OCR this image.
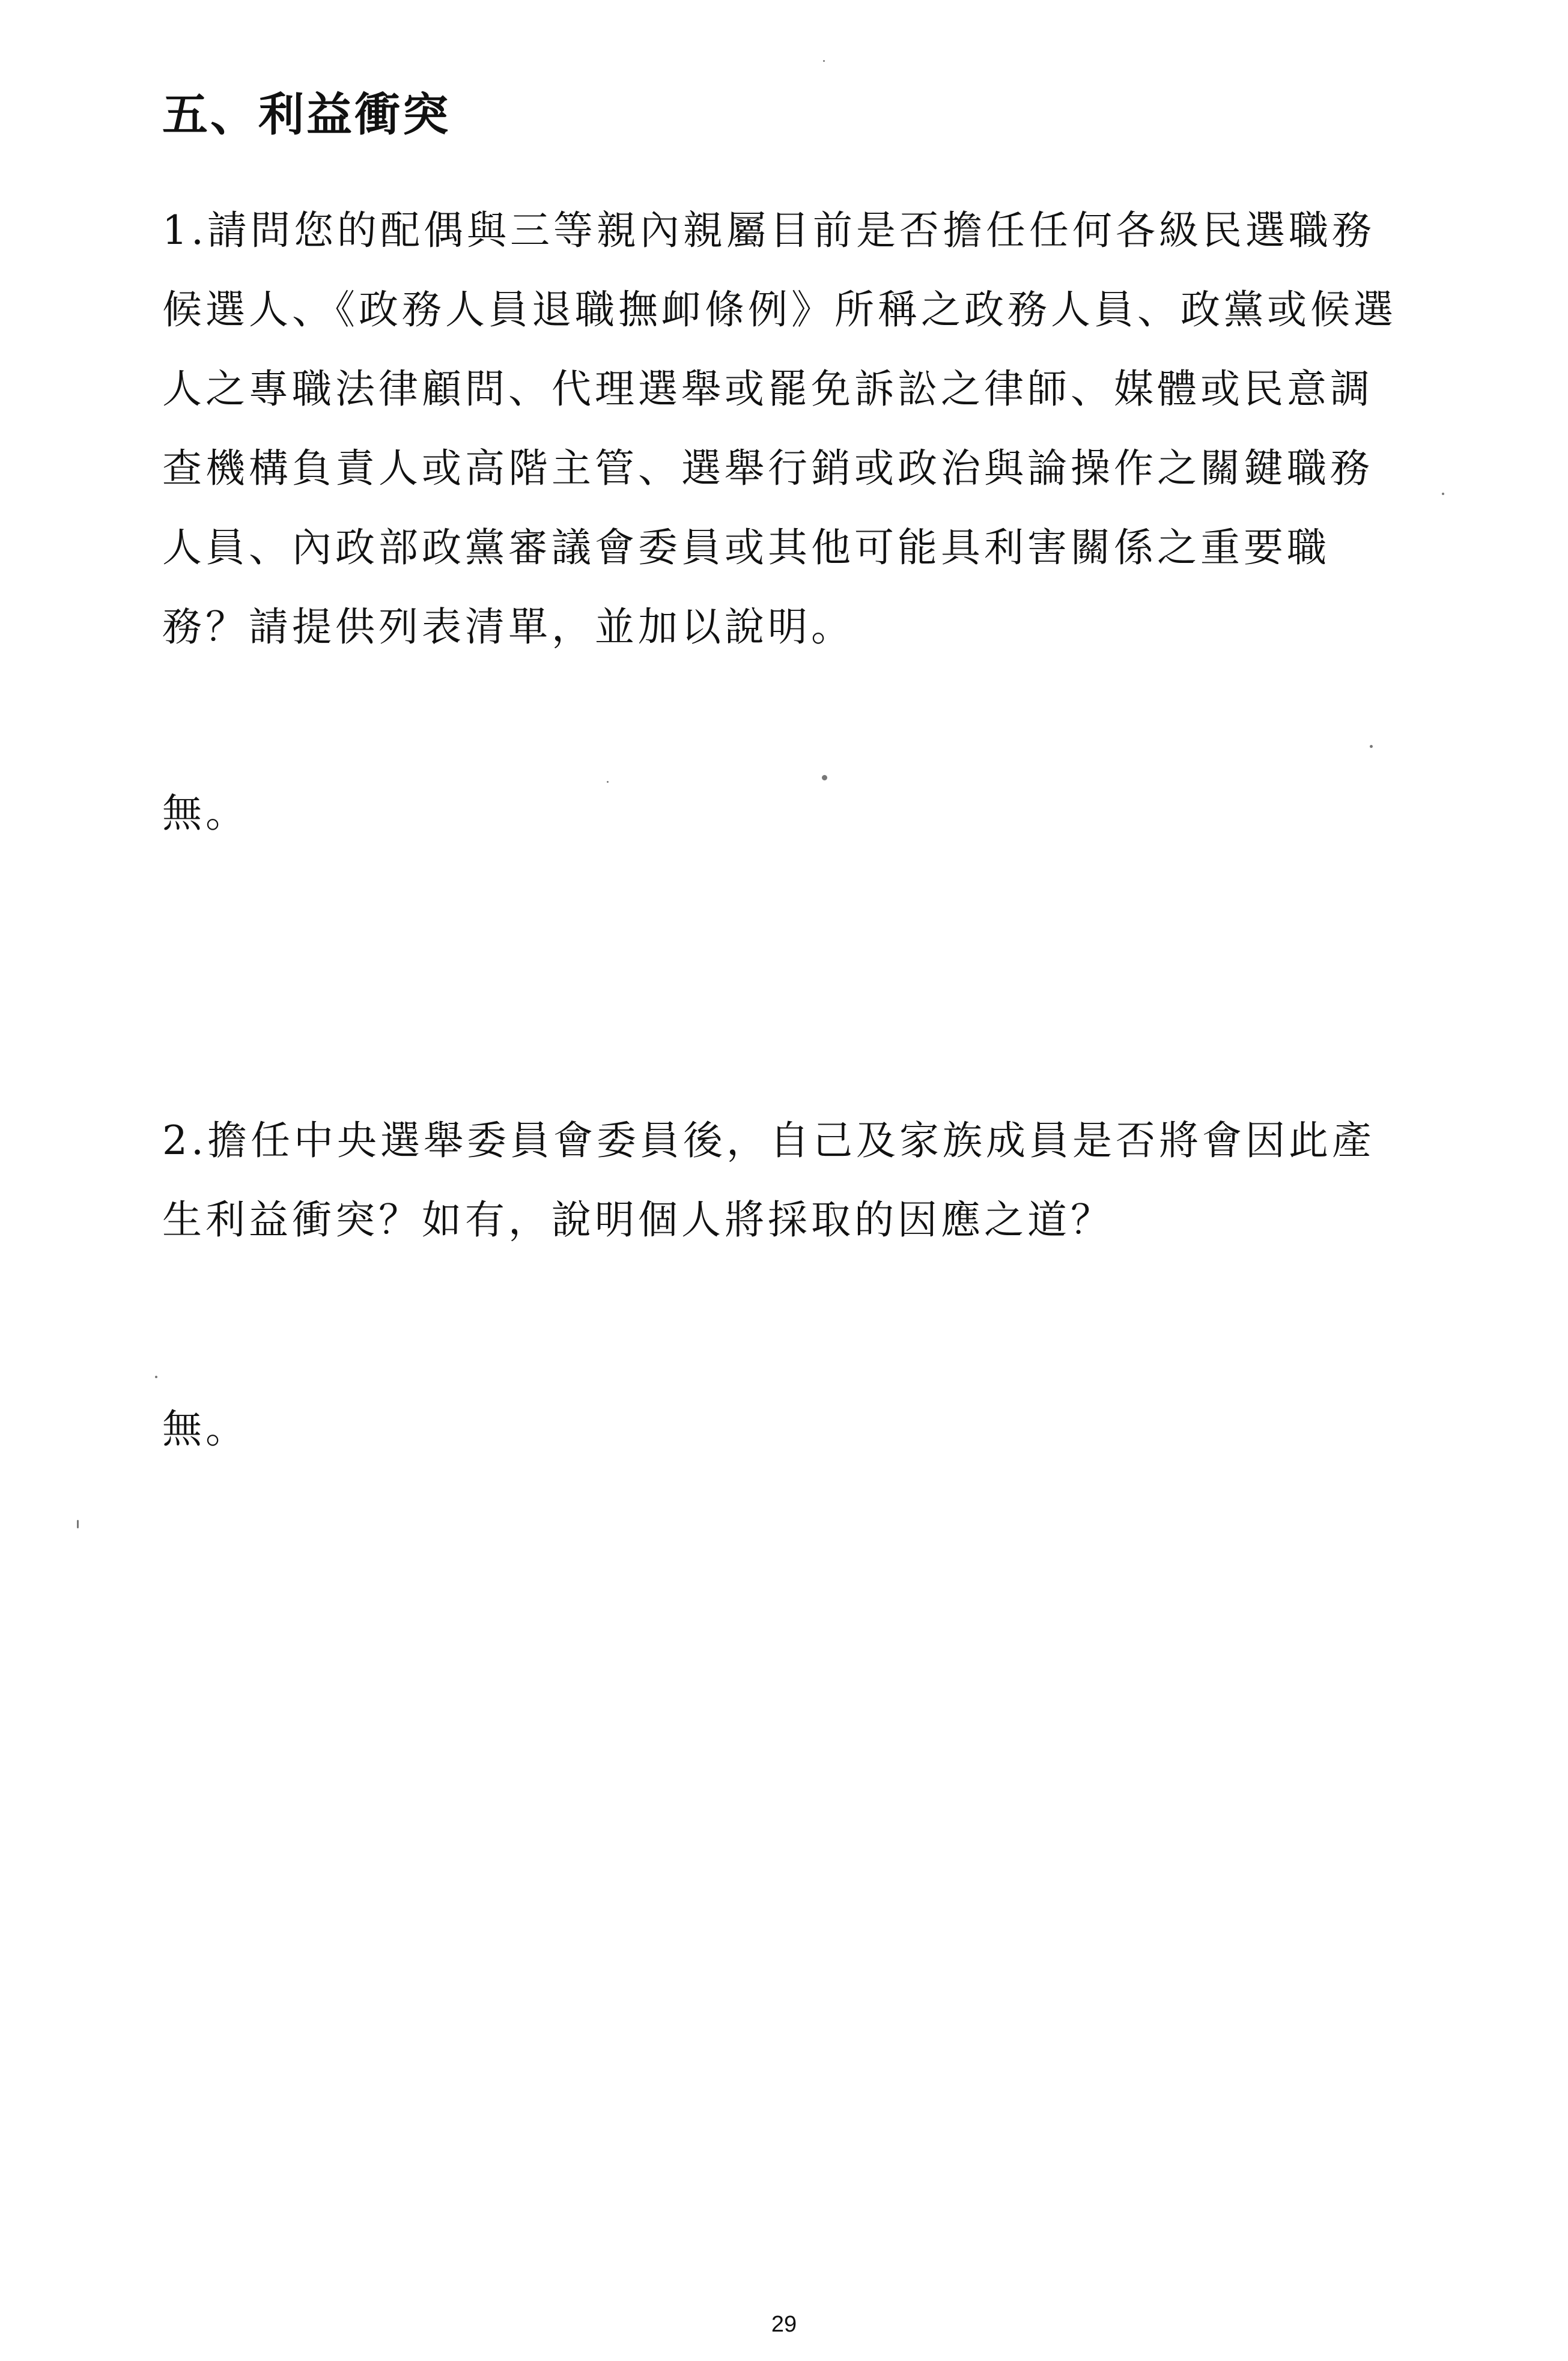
五、利益衝突
1.請問您的配偶與三等親內親屬目前是否擔任任何各級民選職務
候選人、《政務人員退職撫卹條例》所稱之政務人員、政黨或候選
人之專職法律顧問、代理選舉或罷免訴訟之律師、媒體或民意調
查機構負責人或高階主管、選舉行銷或政治與論操作之關鍵職務
人員、內政部政黨審議會委員或其他可能具利害關係之重要職
務？請提供列表清單，並加以說明。
無。
2.擔任中央選舉委員會委員後，自己及家族成員是否將會因此產
生利益衝突？如有，說明個人將採取的因應之道？
無。
29
